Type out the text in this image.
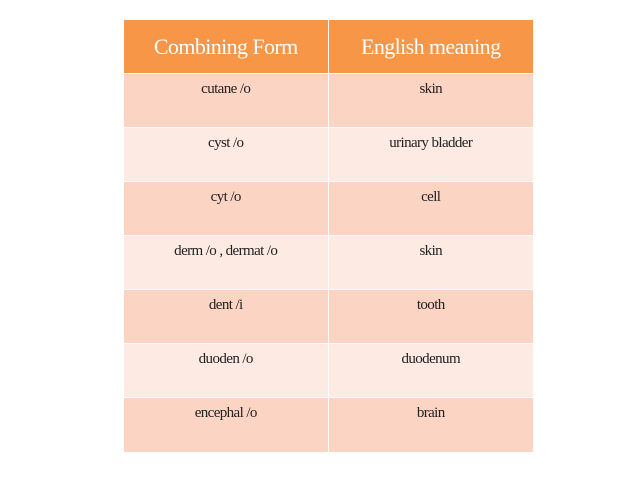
Combining Form	English meaning
cutane /o	skin
cyst /o	urinary bladder
cyt /o	cell
derm /o , dermat /o	skin
dent /i	tooth
duoden /o	duodenum
encephal /o	brain
